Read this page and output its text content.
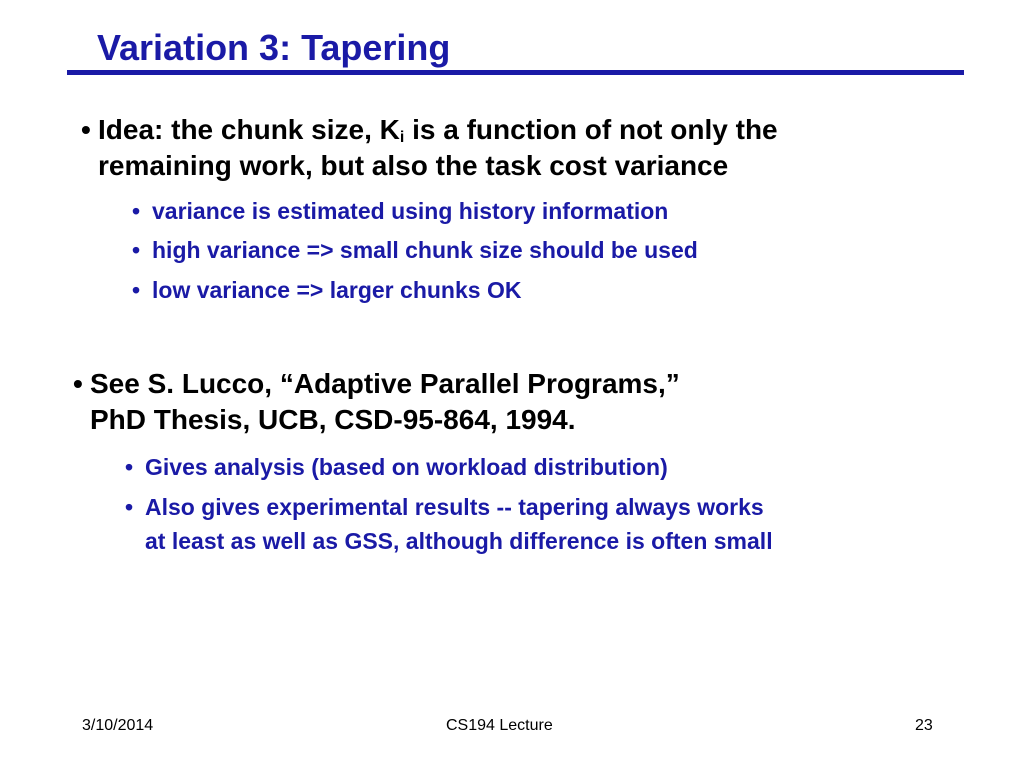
Variation 3: Tapering
• Idea: the chunk size, $K_i$ is a function of not only the
remaining work, but also the task cost variance
• variance is estimated using history information
• high variance => small chunk size should be used
• low variance => larger chunks OK
• See S. Lucco, “Adaptive Parallel Programs,”
PhD Thesis, UCB, CSD-95-864, 1994.
• Gives analysis (based on workload distribution)
• Also gives experimental results -- tapering always works
at least as well as GSS, although difference is often small
3/10/2014	CS194 Lecture	23
